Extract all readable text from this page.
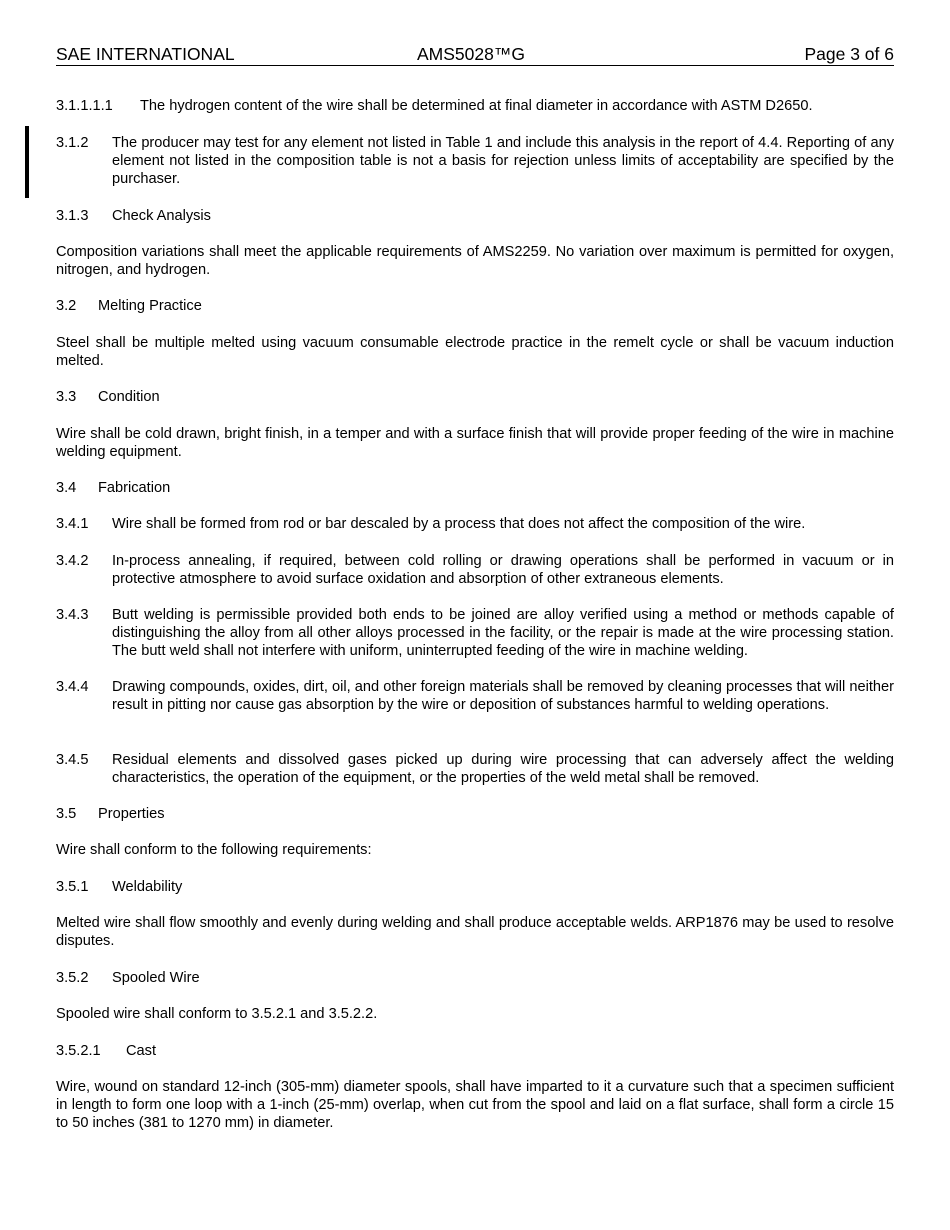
SAE INTERNATIONAL	AMS5028™G	Page 3 of 6
3.1.1.1.1 The hydrogen content of the wire shall be determined at final diameter in accordance with ASTM D2650.
3.1.2 The producer may test for any element not listed in Table 1 and include this analysis in the report of 4.4. Reporting of any element not listed in the composition table is not a basis for rejection unless limits of acceptability are specified by the purchaser.
3.1.3 Check Analysis
Composition variations shall meet the applicable requirements of AMS2259. No variation over maximum is permitted for oxygen, nitrogen, and hydrogen.
3.2 Melting Practice
Steel shall be multiple melted using vacuum consumable electrode practice in the remelt cycle or shall be vacuum induction melted.
3.3 Condition
Wire shall be cold drawn, bright finish, in a temper and with a surface finish that will provide proper feeding of the wire in machine welding equipment.
3.4 Fabrication
3.4.1 Wire shall be formed from rod or bar descaled by a process that does not affect the composition of the wire.
3.4.2 In-process annealing, if required, between cold rolling or drawing operations shall be performed in vacuum or in protective atmosphere to avoid surface oxidation and absorption of other extraneous elements.
3.4.3 Butt welding is permissible provided both ends to be joined are alloy verified using a method or methods capable of distinguishing the alloy from all other alloys processed in the facility, or the repair is made at the wire processing station. The butt weld shall not interfere with uniform, uninterrupted feeding of the wire in machine welding.
3.4.4 Drawing compounds, oxides, dirt, oil, and other foreign materials shall be removed by cleaning processes that will neither result in pitting nor cause gas absorption by the wire or deposition of substances harmful to welding operations.
3.4.5 Residual elements and dissolved gases picked up during wire processing that can adversely affect the welding characteristics, the operation of the equipment, or the properties of the weld metal shall be removed.
3.5 Properties
Wire shall conform to the following requirements:
3.5.1 Weldability
Melted wire shall flow smoothly and evenly during welding and shall produce acceptable welds. ARP1876 may be used to resolve disputes.
3.5.2 Spooled Wire
Spooled wire shall conform to 3.5.2.1 and 3.5.2.2.
3.5.2.1 Cast
Wire, wound on standard 12-inch (305-mm) diameter spools, shall have imparted to it a curvature such that a specimen sufficient in length to form one loop with a 1-inch (25-mm) overlap, when cut from the spool and laid on a flat surface, shall form a circle 15 to 50 inches (381 to 1270 mm) in diameter.
